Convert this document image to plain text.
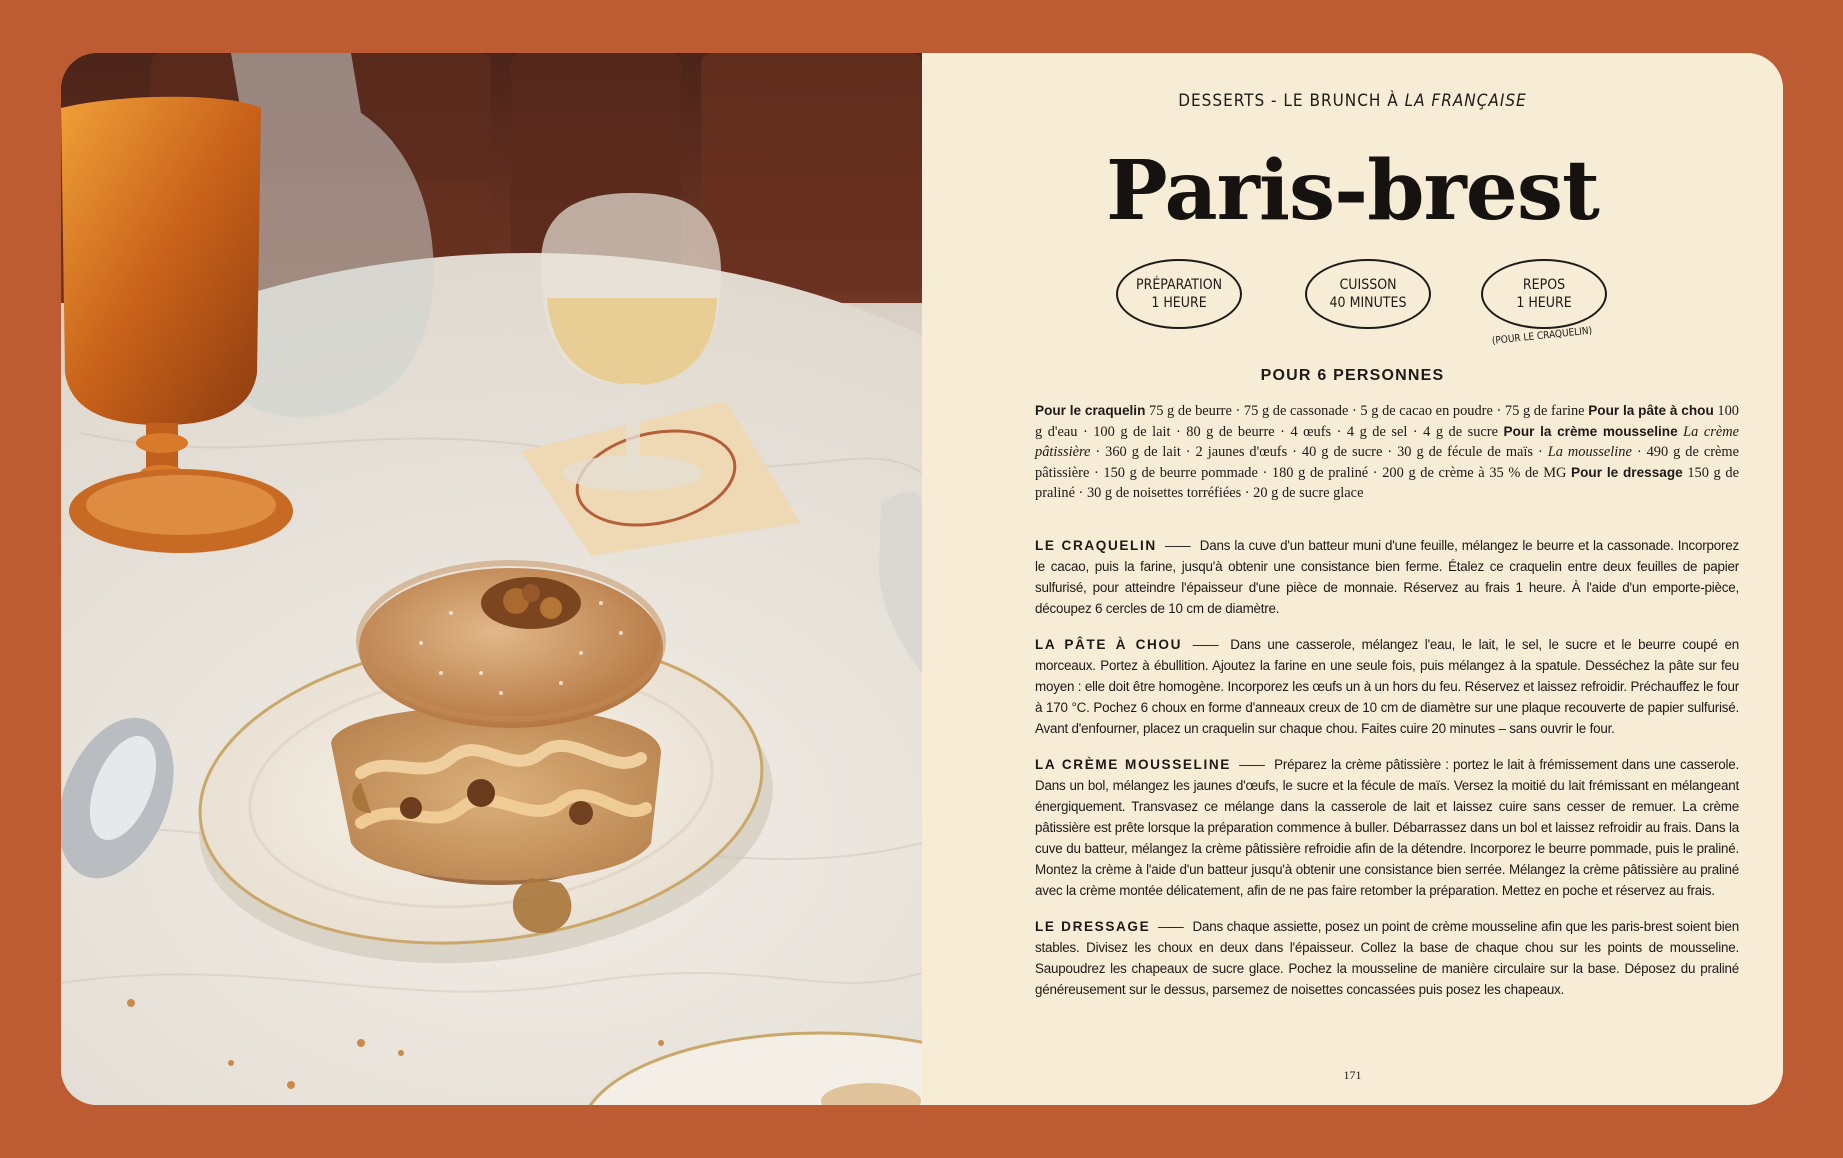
DESSERTS - LE BRUNCH À LA FRANÇAISE
Paris-brest
PRÉPARATION
1 HEURE
CUISSON
40 MINUTES
REPOS
1 HEURE
(POUR LE CRAQUELIN)
POUR 6 PERSONNES
Pour le craquelin 75 g de beurre · 75 g de cassonade · 5 g de cacao en poudre · 75 g de farine Pour la pâte à chou 100 g d'eau · 100 g de lait · 80 g de beurre · 4 œufs · 4 g de sel · 4 g de sucre Pour la crème mousseline La crème pâtissière · 360 g de lait · 2 jaunes d'œufs · 40 g de sucre · 30 g de fécule de maïs · La mousseline · 490 g de crème pâtissière · 150 g de beurre pommade · 180 g de praliné · 200 g de crème à 35 % de MG Pour le dressage 150 g de praliné · 30 g de noisettes torréfiées · 20 g de sucre glace

LE CRAQUELIN —— Dans la cuve d'un batteur muni d'une feuille, mélangez le beurre et la cassonade. Incorporez le cacao, puis la farine, jusqu'à obtenir une consistance bien ferme. Étalez ce craquelin entre deux feuilles de papier sulfurisé, pour atteindre l'épaisseur d'une pièce de monnaie. Réservez au frais 1 heure. À l'aide d'un emporte-pièce, découpez 6 cercles de 10 cm de diamètre.

LA PÂTE À CHOU —— Dans une casserole, mélangez l'eau, le lait, le sel, le sucre et le beurre coupé en morceaux. Portez à ébullition. Ajoutez la farine en une seule fois, puis mélangez à la spatule. Desséchez la pâte sur feu moyen : elle doit être homogène. Incorporez les œufs un à un hors du feu. Réservez et laissez refroidir. Préchauffez le four à 170 °C. Pochez 6 choux en forme d'anneaux creux de 10 cm de diamètre sur une plaque recouverte de papier sulfurisé. Avant d'enfourner, placez un craquelin sur chaque chou. Faites cuire 20 minutes – sans ouvrir le four.

LA CRÈME MOUSSELINE —— Préparez la crème pâtissière : portez le lait à frémissement dans une casserole. Dans un bol, mélangez les jaunes d'œufs, le sucre et la fécule de maïs. Versez la moitié du lait frémissant en mélangeant énergiquement. Transvasez ce mélange dans la casserole de lait et laissez cuire sans cesser de remuer. La crème pâtissière est prête lorsque la préparation commence à buller. Débarrassez dans un bol et laissez refroidir au frais. Dans la cuve du batteur, mélangez la crème pâtissière refroidie afin de la détendre. Incorporez le beurre pommade, puis le praliné. Montez la crème à l'aide d'un batteur jusqu'à obtenir une consistance bien serrée. Mélangez la crème pâtissière au praliné avec la crème montée délicatement, afin de ne pas faire retomber la préparation. Mettez en poche et réservez au frais.

LE DRESSAGE —— Dans chaque assiette, posez un point de crème mousseline afin que les paris-brest soient bien stables. Divisez les choux en deux dans l'épaisseur. Collez la base de chaque chou sur les points de mousseline. Saupoudrez les chapeaux de sucre glace. Pochez la mousseline de manière circulaire sur la base. Déposez du praliné généreusement sur le dessus, parsemez de noisettes concassées puis posez les chapeaux.

171
